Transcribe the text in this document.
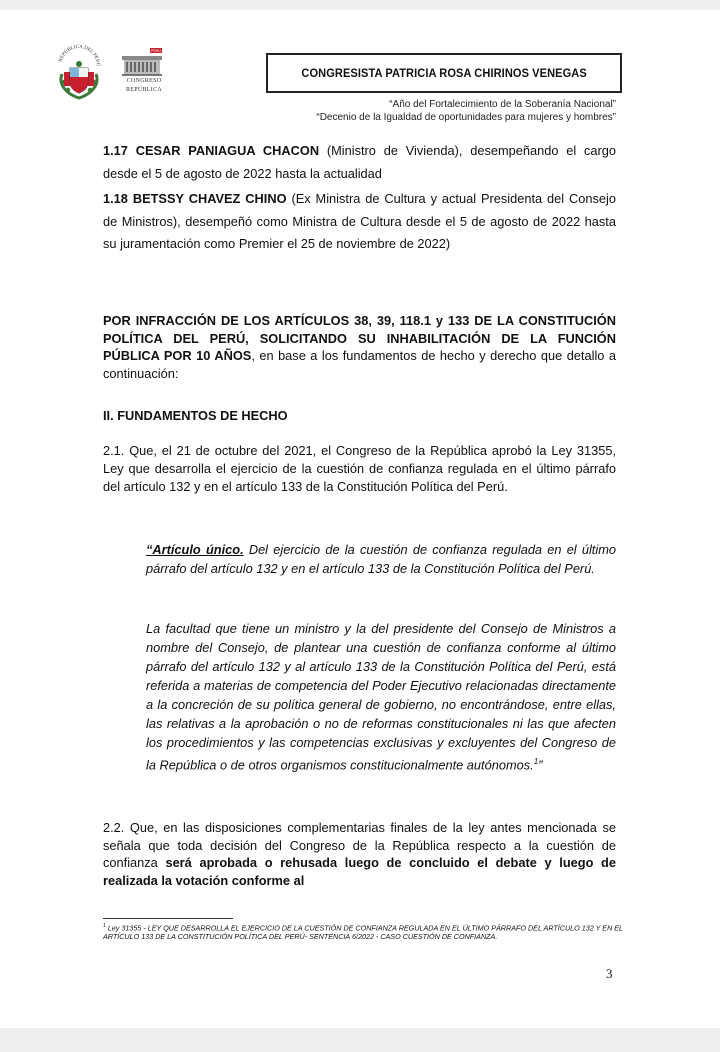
REPÚBLICA DEL PERÚ
PERÚ
CONGRESO
REPÚBLICA
CONGRESISTA PATRICIA ROSA CHIRINOS VENEGAS
“Año del Fortalecimiento de la Soberanía Nacional”
“Decenio de la Igualdad de oportunidades para mujeres y hombres”
1.17 CESAR PANIAGUA CHACON (Ministro de Vivienda), desempeñando el cargo desde el 5 de agosto de 2022 hasta la actualidad
1.18 BETSSY CHAVEZ CHINO (Ex Ministra de Cultura y actual Presidenta del Consejo de Ministros), desempeñó como Ministra de Cultura desde el 5 de agosto de 2022 hasta su juramentación como Premier el 25 de noviembre de 2022)
POR INFRACCIÓN DE LOS ARTÍCULOS 38, 39, 118.1 y 133 DE LA CONSTITUCIÓN POLÍTICA DEL PERÚ, SOLICITANDO SU INHABILITACIÓN DE LA FUNCIÓN PÚBLICA POR 10 AÑOS, en base a los fundamentos de hecho y derecho que detallo a continuación:
II. FUNDAMENTOS DE HECHO
2.1. Que, el 21 de octubre del 2021, el Congreso de la República aprobó la Ley 31355, Ley que desarrolla el ejercicio de la cuestión de confianza regulada en el último párrafo del artículo 132 y en el artículo 133 de la Constitución Política del Perú.
“Artículo único. Del ejercicio de la cuestión de confianza regulada en el último párrafo del artículo 132 y en el artículo 133 de la Constitución Política del Perú.
La facultad que tiene un ministro y la del presidente del Consejo de Ministros a nombre del Consejo, de plantear una cuestión de confianza conforme al último párrafo del artículo 132 y al artículo 133 de la Constitución Política del Perú, está referida a materias de competencia del Poder Ejecutivo relacionadas directamente a la concreción de su política general de gobierno, no encontrándose, entre ellas, las relativas a la aprobación o no de reformas constitucionales ni las que afecten los procedimientos y las competencias exclusivas y excluyentes del Congreso de la República o de otros organismos constitucionalmente autónomos.$^1$”
2.2. Que, en las disposiciones complementarias finales de la ley antes mencionada se señala que toda decisión del Congreso de la República respecto a la cuestión de confianza será aprobada o rehusada luego de concluido el debate y luego de realizada la votación conforme al
$^1$ Ley 31355 - LEY QUE DESARROLLA EL EJERCICIO DE LA CUESTIÓN DE CONFIANZA REGULADA EN EL ÚLTIMO PÁRRAFO DEL ARTÍCULO 132 Y EN EL ARTÍCULO 133 DE LA CONSTITUCIÓN POLÍTICA DEL PERÚ- SENTENCIA 6/2022 - CASO CUESTIÓN DE CONFIANZA.
3
